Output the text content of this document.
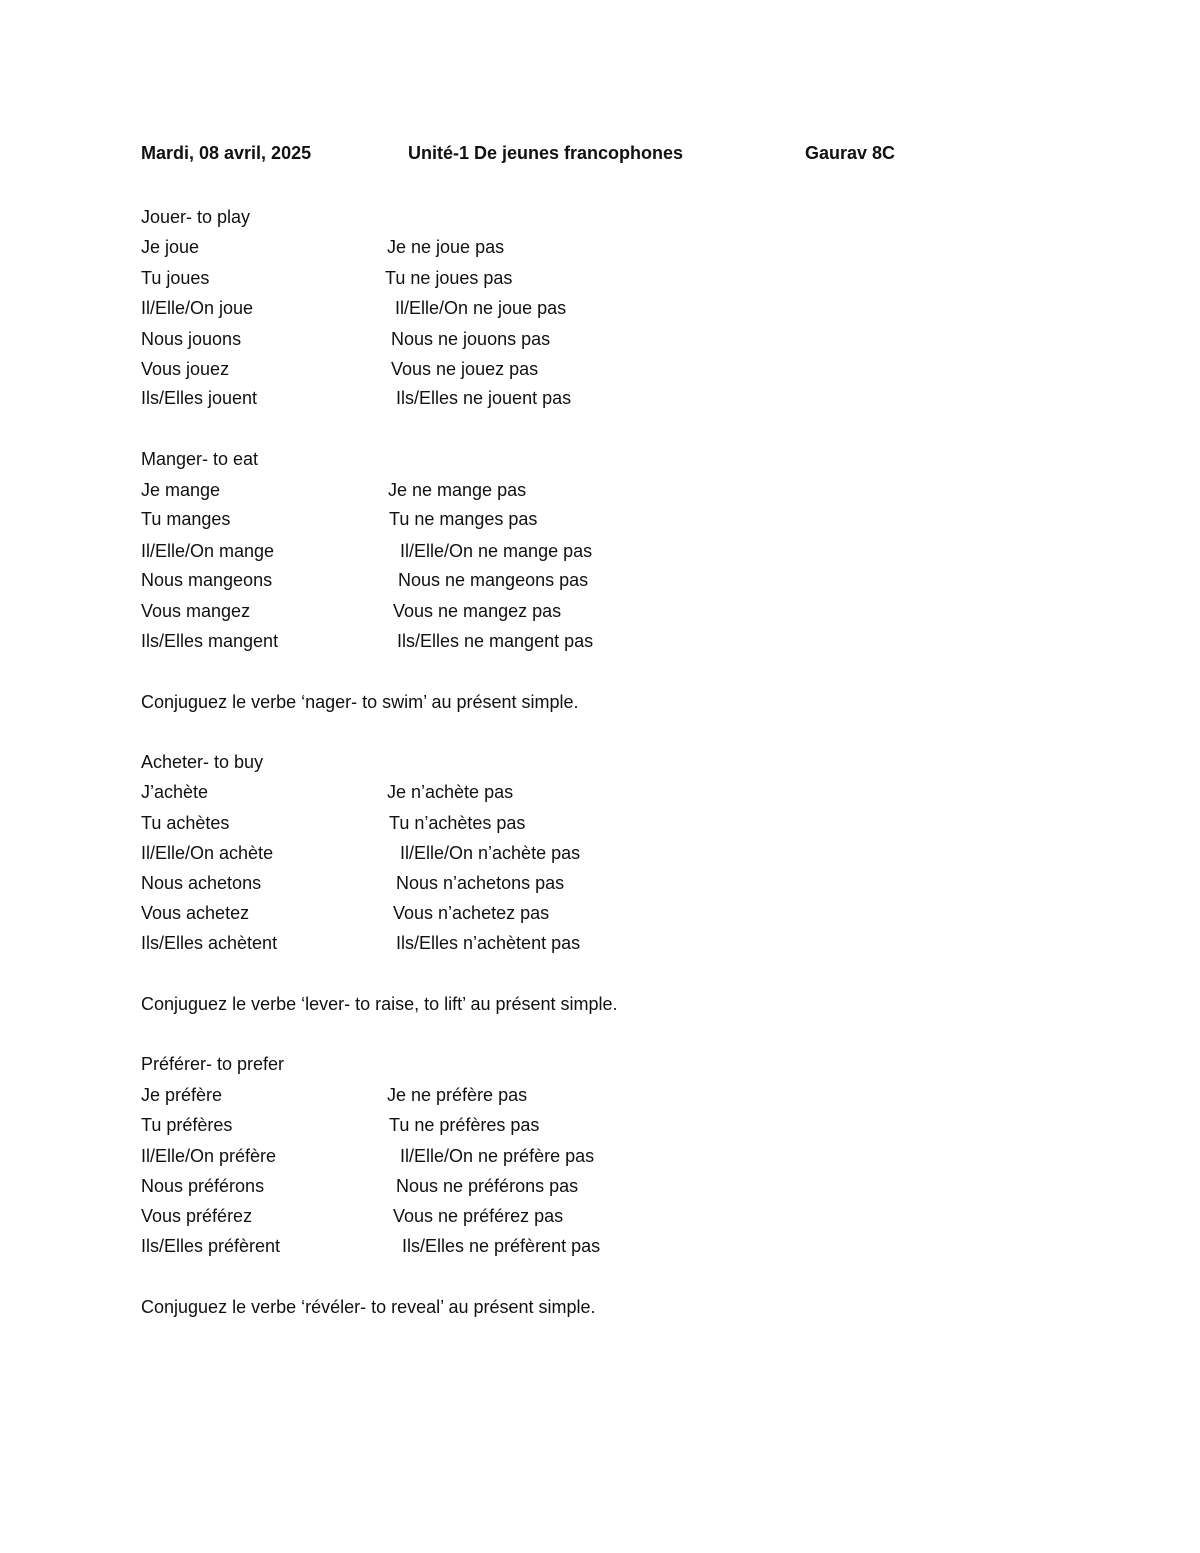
Mardi, 08 avril, 2025	Unité-1 De jeunes francophones	Gaurav 8C
Jouer- to play
Je joue	Je ne joue pas
Tu joues	Tu ne joues pas
Il/Elle/On joue	Il/Elle/On ne joue pas
Nous jouons	Nous ne jouons pas
Vous jouez	Vous ne jouez pas
Ils/Elles jouent	Ils/Elles ne jouent pas
Manger- to eat
Je mange	Je ne mange pas
Tu manges	Tu ne manges pas
Il/Elle/On mange	Il/Elle/On ne mange pas
Nous mangeons	Nous ne mangeons pas
Vous mangez	Vous ne mangez pas
Ils/Elles mangent	Ils/Elles ne mangent pas
Conjuguez le verbe ‘nager- to swim’ au présent simple.
Acheter- to buy
J’achète	Je n’achète pas
Tu achètes	Tu n’achètes pas
Il/Elle/On achète	Il/Elle/On n’achète pas
Nous achetons	Nous n’achetons pas
Vous achetez	Vous n’achetez pas
Ils/Elles achètent	Ils/Elles n’achètent pas
Conjuguez le verbe ‘lever- to raise, to lift’ au présent simple.
Préférer- to prefer
Je préfère	Je ne préfère pas
Tu préfères	Tu ne préfères pas
Il/Elle/On préfère	Il/Elle/On ne préfère pas
Nous préférons	Nous ne préférons pas
Vous préférez	Vous ne préférez pas
Ils/Elles préfèrent	Ils/Elles ne préfèrent pas
Conjuguez le verbe ‘révéler- to reveal’ au présent simple.
